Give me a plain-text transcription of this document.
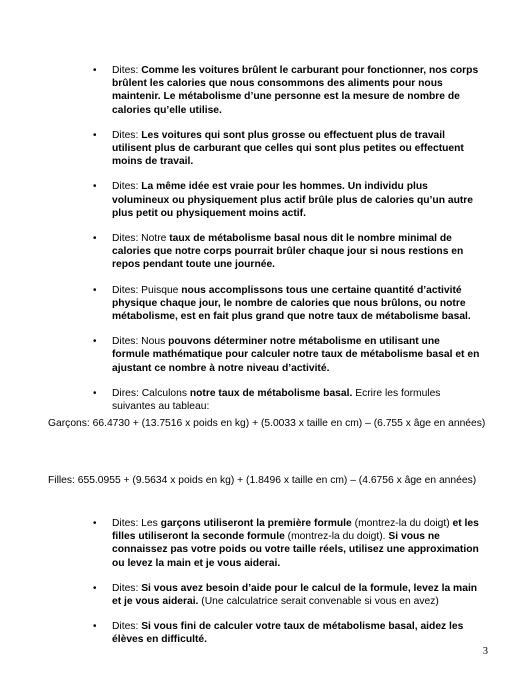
• Dites: Comme les voitures brûlent le carburant pour fonctionner, nos corps brûlent les calories que nous consommons des aliments pour nous maintenir. Le métabolisme d’une personne est la mesure de nombre de calories qu’elle utilise.
• Dites: Les voitures qui sont plus grosse ou effectuent plus de travail utilisent plus de carburant que celles qui sont plus petites ou effectuent moins de travail.
• Dites: La même idée est vraie pour les hommes. Un individu plus volumineux ou physiquement plus actif brûle plus de calories qu’un autre plus petit ou physiquement moins actif.
• Dites: Notre taux de métabolisme basal nous dit le nombre minimal de calories que notre corps pourrait brûler chaque jour si nous restions en repos pendant toute une journée.
• Dites: Puisque nous accomplissons tous une certaine quantité d’activité physique chaque jour, le nombre de calories que nous brûlons, ou notre métabolisme, est en fait plus grand que notre taux de métabolisme basal.
• Dites: Nous pouvons déterminer notre métabolisme en utilisant une formule mathématique pour calculer notre taux de métabolisme basal et en ajustant ce nombre à notre niveau d’activité.
• Dires: Calculons notre taux de métabolisme basal. Ecrire les formules suivantes au tableau:
Garçons: 66.4730 + (13.7516 x poids en kg) + (5.0033 x taille en cm) – (6.755 x âge en années)
Filles: 655.0955 + (9.5634 x poids en kg) + (1.8496 x taille en cm) – (4.6756 x âge en années)
• Dites: Les garçons utiliseront la première formule (montrez-la du doigt) et les filles utiliseront la seconde formule (montrez-la du doigt). Si vous ne connaissez pas votre poids ou votre taille réels, utilisez une approximation ou levez la main et je vous aiderai.
• Dites: Si vous avez besoin d’aide pour le calcul de la formule, levez la main et je vous aiderai. (Une calculatrice serait convenable si vous en avez)
• Dites: Si vous fini de calculer votre taux de métabolisme basal, aidez les élèves en difficulté.
3
